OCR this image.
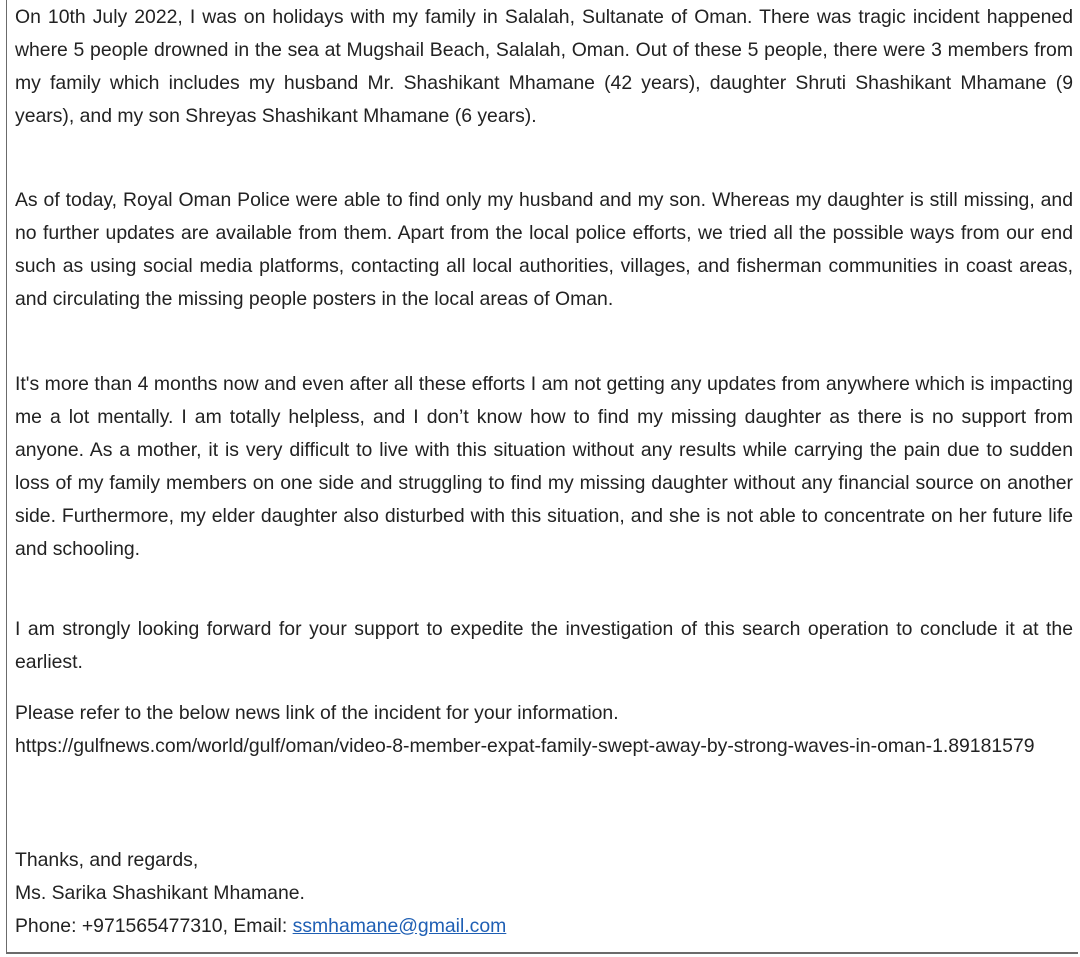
On 10th July 2022, I was on holidays with my family in Salalah, Sultanate of Oman. There was tragic incident happened where 5 people drowned in the sea at Mugshail Beach, Salalah, Oman. Out of these 5 people, there were 3 members from my family which includes my husband Mr. Shashikant Mhamane (42 years), daughter Shruti Shashikant Mhamane (9 years), and my son Shreyas Shashikant Mhamane (6 years).

As of today, Royal Oman Police were able to find only my husband and my son. Whereas my daughter is still missing, and no further updates are available from them. Apart from the local police efforts, we tried all the possible ways from our end such as using social media platforms, contacting all local authorities, villages, and fisherman communities in coast areas, and circulating the missing people posters in the local areas of Oman.

It's more than 4 months now and even after all these efforts I am not getting any updates from anywhere which is impacting me a lot mentally. I am totally helpless, and I don’t know how to find my missing daughter as there is no support from anyone. As a mother, it is very difficult to live with this situation without any results while carrying the pain due to sudden loss of my family members on one side and struggling to find my missing daughter without any financial source on another side. Furthermore, my elder daughter also disturbed with this situation, and she is not able to concentrate on her future life and schooling.

I am strongly looking forward for your support to expedite the investigation of this search operation to conclude it at the earliest.

Please refer to the below news link of the incident for your information.
https://gulfnews.com/world/gulf/oman/video-8-member-expat-family-swept-away-by-strong-waves-in-oman-1.89181579
Thanks, and regards,
Ms. Sarika Shashikant Mhamane.
Phone: +971565477310, Email: ssmhamane@gmail.com
